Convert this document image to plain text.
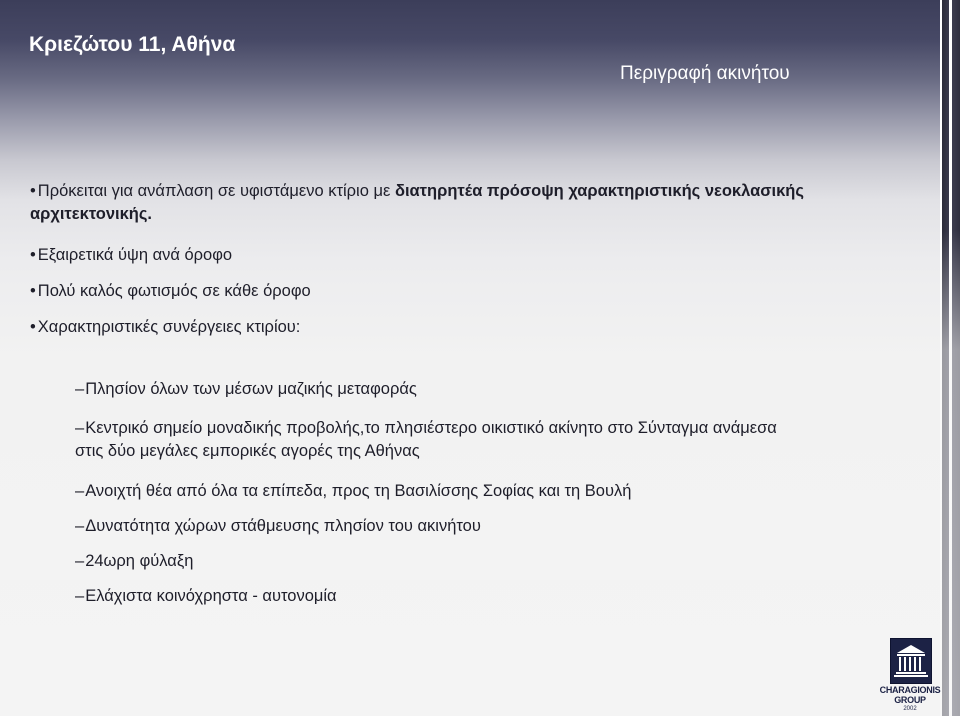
Κριεζώτου 11, Αθήνα
Περιγραφή ακινήτου
• Πρόκειται για ανάπλαση σε υφιστάμενο κτίριο με διατηρητέα πρόσοψη χαρακτηριστικής νεοκλασικής
αρχιτεκτονικής.
• Εξαιρετικά ύψη ανά όροφο
• Πολύ καλός φωτισμός σε κάθε όροφο
• Χαρακτηριστικές συνέργειες κτιρίου:
–Πλησίον όλων των μέσων μαζικής μεταφοράς
–Κεντρικό σημείο μοναδικής προβολής,το πλησιέστερο οικιστικό ακίνητο στο Σύνταγμα ανάμεσα
στις δύο μεγάλες εμπορικές αγορές της Αθήνας
–Ανοιχτή θέα από όλα τα επίπεδα, προς τη Βασιλίσσης Σοφίας και τη Βουλή
–Δυνατότητα χώρων στάθμευσης πλησίον του ακινήτου
–24ωρη φύλαξη
–Ελάχιστα κοινόχρηστα - αυτονομία
CHARAGIONIS GROUP
2002
